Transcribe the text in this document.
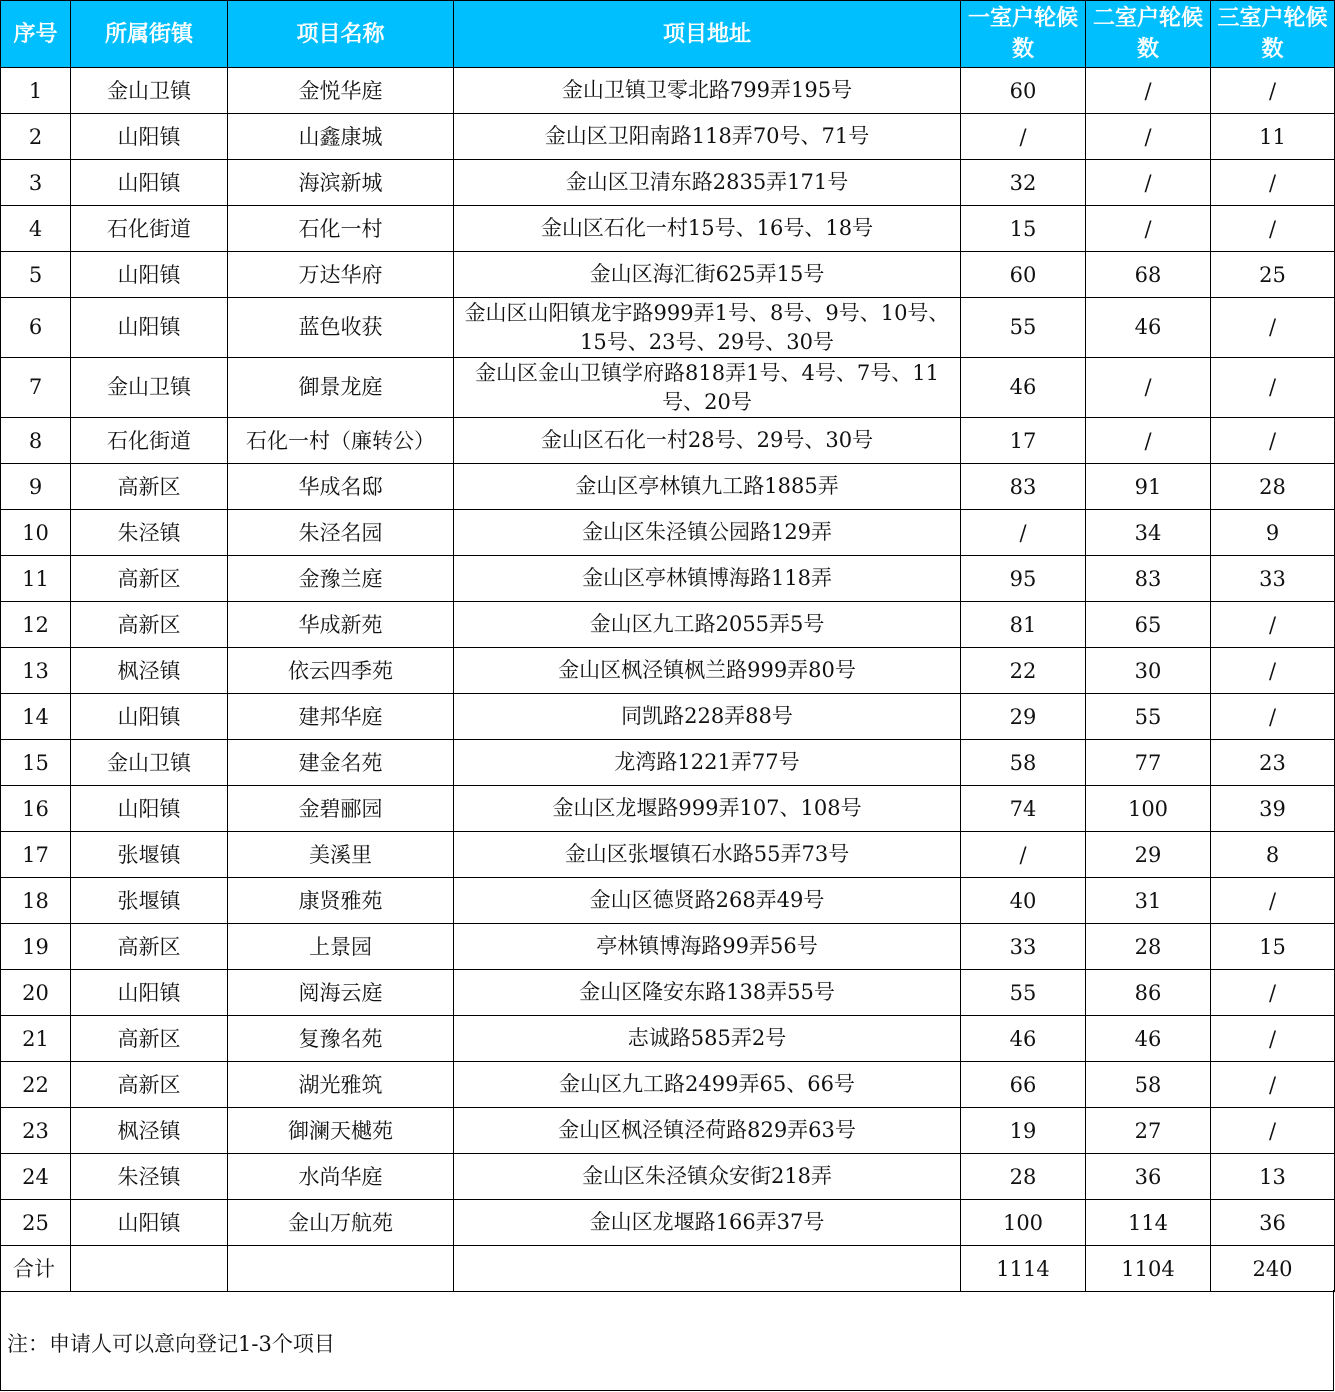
序号	所属街镇	项目名称	项目地址	一室户轮候数	二室户轮候数	三室户轮候数
1	金山卫镇	金悦华庭	金山卫镇卫零北路799弄195号	60	/	/
2	山阳镇	山鑫康城	金山区卫阳南路118弄70号、71号	/	/	11
3	山阳镇	海滨新城	金山区卫清东路2835弄171号	32	/	/
4	石化街道	石化一村	金山区石化一村15号、16号、18号	15	/	/
5	山阳镇	万达华府	金山区海汇街625弄15号	60	68	25
6	山阳镇	蓝色收获	金山区山阳镇龙宇路999弄1号、8号、9号、10号、15号、23号、29号、30号	55	46	/
7	金山卫镇	御景龙庭	金山区金山卫镇学府路818弄1号、4号、7号、11号、20号	46	/	/
8	石化街道	石化一村（廉转公）	金山区石化一村28号、29号、30号	17	/	/
9	高新区	华成名邸	金山区亭林镇九工路1885弄	83	91	28
10	朱泾镇	朱泾名园	金山区朱泾镇公园路129弄	/	34	9
11	高新区	金豫兰庭	金山区亭林镇博海路118弄	95	83	33
12	高新区	华成新苑	金山区九工路2055弄5号	81	65	/
13	枫泾镇	依云四季苑	金山区枫泾镇枫兰路999弄80号	22	30	/
14	山阳镇	建邦华庭	同凯路228弄88号	29	55	/
15	金山卫镇	建金名苑	龙湾路1221弄77号	58	77	23
16	山阳镇	金碧郦园	金山区龙堰路999弄107、108号	74	100	39
17	张堰镇	美溪里	金山区张堰镇石水路55弄73号	/	29	8
18	张堰镇	康贤雅苑	金山区德贤路268弄49号	40	31	/
19	高新区	上景园	亭林镇博海路99弄56号	33	28	15
20	山阳镇	阅海云庭	金山区隆安东路138弄55号	55	86	/
21	高新区	复豫名苑	志诚路585弄2号	46	46	/
22	高新区	湖光雅筑	金山区九工路2499弄65、66号	66	58	/
23	枫泾镇	御澜天樾苑	金山区枫泾镇泾荷路829弄63号	19	27	/
24	朱泾镇	水尚华庭	金山区朱泾镇众安街218弄	28	36	13
25	山阳镇	金山万航苑	金山区龙堰路166弄37号	100	114	36
合计				1114	1104	240
注：申请人可以意向登记1-3个项目
